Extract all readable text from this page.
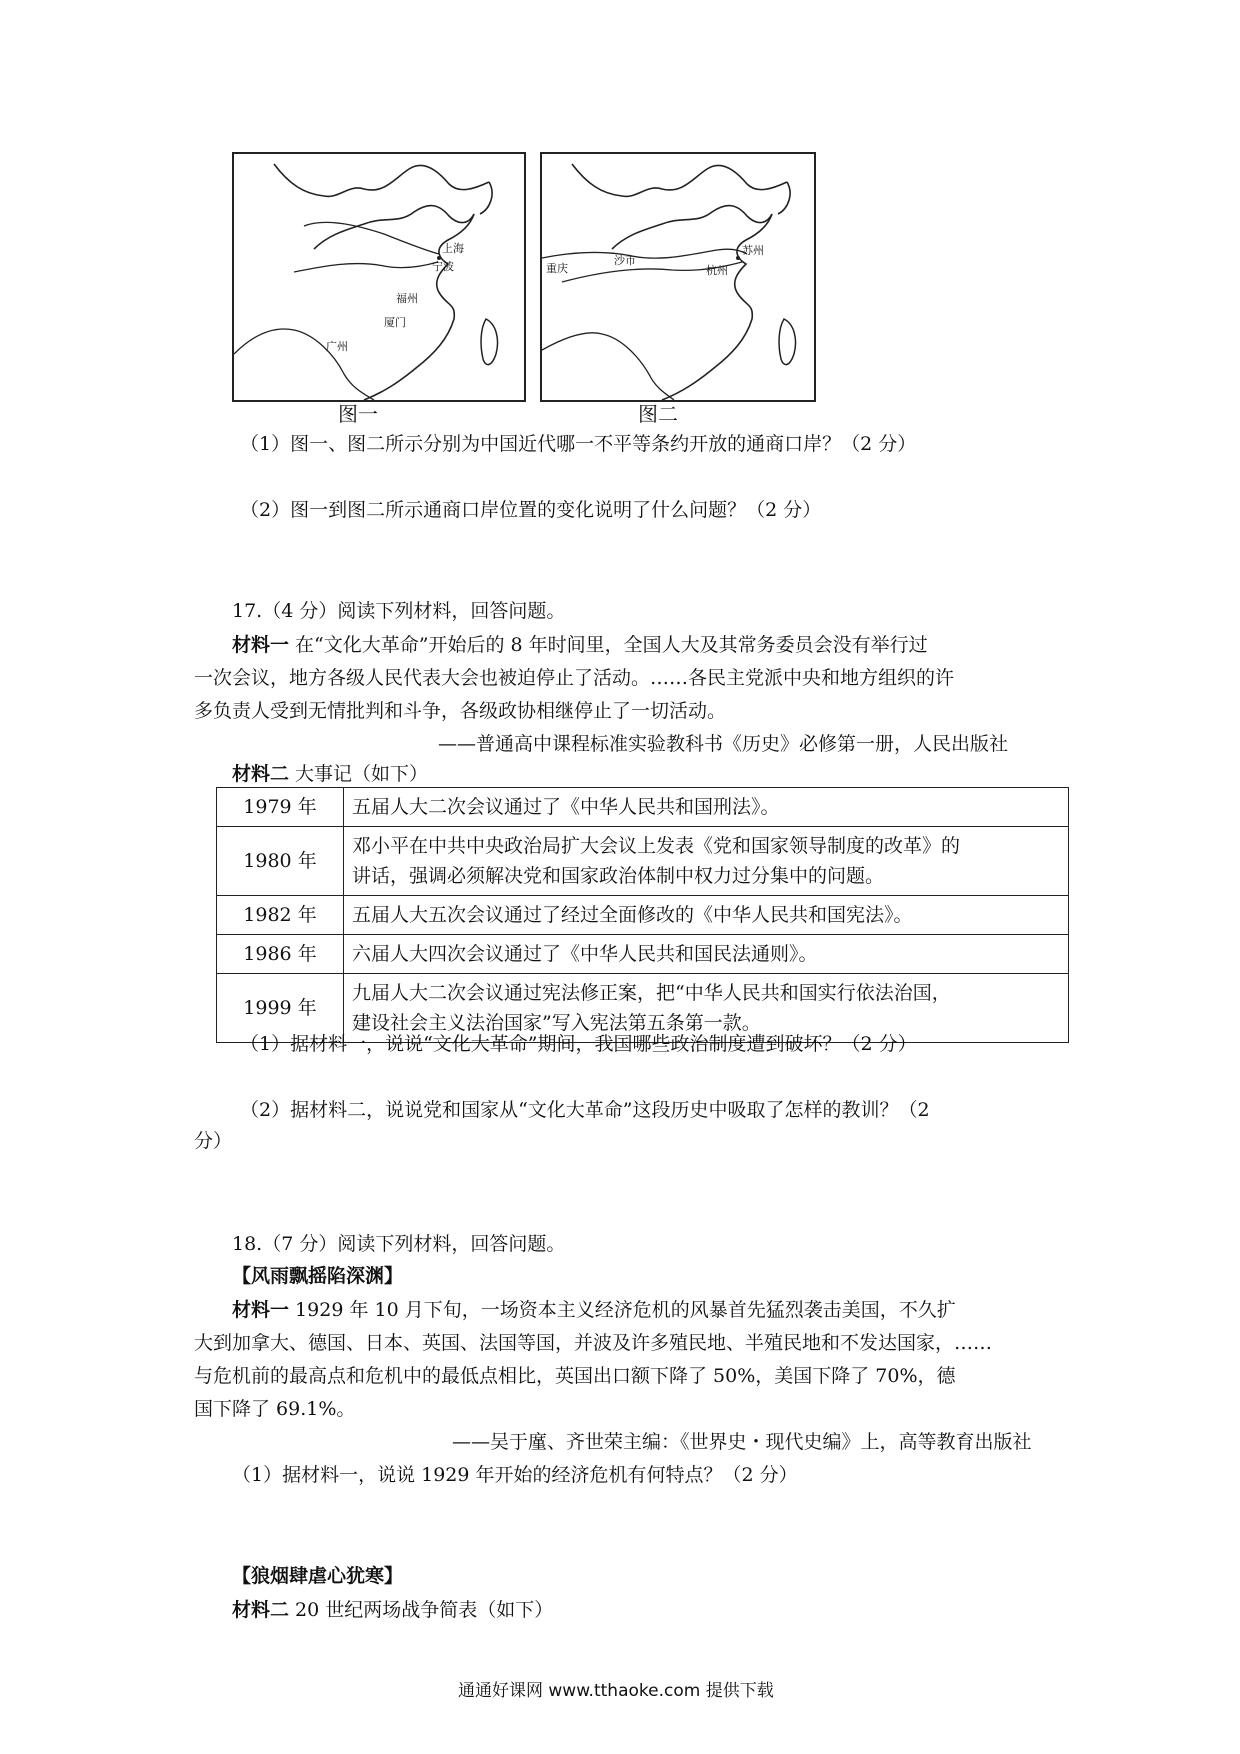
上海
宁波
福州
厦门
广州
重庆
沙市
杭州
苏州
图一	图二
（1）图一、图二所示分别为中国近代哪一不平等条约开放的通商口岸？（2 分）
（2）图一到图二所示通商口岸位置的变化说明了什么问题？（2 分）
17.（4 分）阅读下列材料，回答问题。
材料一 在“文化大革命”开始后的 8 年时间里，全国人大及其常务委员会没有举行过
一次会议，地方各级人民代表大会也被迫停止了活动。……各民主党派中央和地方组织的许
多负责人受到无情批判和斗争，各级政协相继停止了一切活动。
——普通高中课程标准实验教科书《历史》必修第一册，人民出版社
材料二 大事记（如下）
1979 年	五届人大二次会议通过了《中华人民共和国刑法》。
1980 年	邓小平在中共中央政治局扩大会议上发表《党和国家领导制度的改革》的
讲话，强调必须解决党和国家政治体制中权力过分集中的问题。
1982 年	五届人大五次会议通过了经过全面修改的《中华人民共和国宪法》。
1986 年	六届人大四次会议通过了《中华人民共和国民法通则》。
1999 年	九届人大二次会议通过宪法修正案，把“中华人民共和国实行依法治国，
建设社会主义法治国家”写入宪法第五条第一款。
（1）据材料一，说说“文化大革命”期间，我国哪些政治制度遭到破坏？（2 分）
（2）据材料二，说说党和国家从“文化大革命”这段历史中吸取了怎样的教训？（2
分）
18.（7 分）阅读下列材料，回答问题。
【风雨飘摇陷深渊】
材料一 1929 年 10 月下旬，一场资本主义经济危机的风暴首先猛烈袭击美国，不久扩
大到加拿大、德国、日本、英国、法国等国，并波及许多殖民地、半殖民地和不发达国家，……
与危机前的最高点和危机中的最低点相比，英国出口额下降了 50%，美国下降了 70%，德
国下降了 69.1%。
——吴于廑、齐世荣主编：《世界史・现代史编》上，高等教育出版社
（1）据材料一，说说 1929 年开始的经济危机有何特点？（2 分）
【狼烟肆虐心犹寒】
材料二 20 世纪两场战争简表（如下）
通通好课网 www.tthaoke.com 提供下载
